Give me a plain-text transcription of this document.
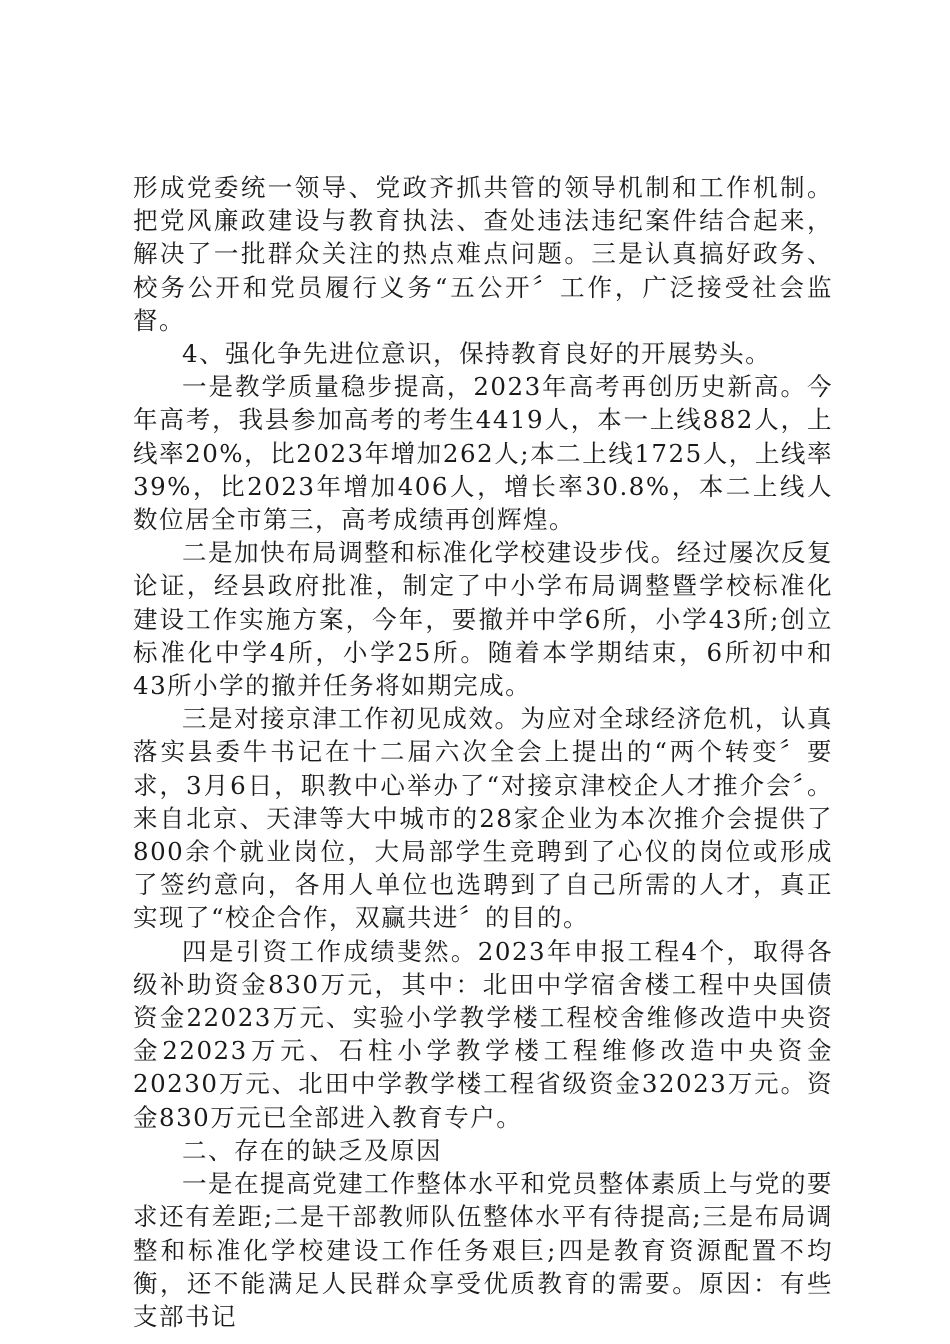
形成党委统一领导、党政齐抓共管的领导机制和工作机制。把党风廉政建设与教育执法、查处违法违纪案件结合起来，解决了一批群众关注的热点难点问题。三是认真搞好政务、校务公开和党员履行义务“五公开〞工作，广泛接受社会监督。

4、强化争先进位意识，保持教育良好的开展势头。

一是教学质量稳步提高，2023年高考再创历史新高。今年高考，我县参加高考的考生4419人，本一上线882人，上线率20%，比2023年增加262人;本二上线1725人，上线率39%，比2023年增加406人，增长率30.8%，本二上线人数位居全市第三，高考成绩再创辉煌。

二是加快布局调整和标准化学校建设步伐。经过屡次反复论证，经县政府批准，制定了中小学布局调整暨学校标准化建设工作实施方案，今年，要撤并中学6所，小学43所;创立标准化中学4所，小学25所。随着本学期结束，6所初中和43所小学的撤并任务将如期完成。

三是对接京津工作初见成效。为应对全球经济危机，认真落实县委牛书记在十二届六次全会上提出的“两个转变〞要求，3月6日，职教中心举办了“对接京津校企人才推介会〞。来自北京、天津等大中城市的28家企业为本次推介会提供了800余个就业岗位，大局部学生竞聘到了心仪的岗位或形成了签约意向，各用人单位也选聘到了自己所需的人才，真正实现了“校企合作，双赢共进〞的目的。

四是引资工作成绩斐然。2023年申报工程4个，取得各级补助资金830万元，其中：北田中学宿舍楼工程中央国债资金22023万元、实验小学教学楼工程校舍维修改造中央资金22023万元、石柱小学教学楼工程维修改造中央资金20230万元、北田中学教学楼工程省级资金32023万元。资金830万元已全部进入教育专户。

二、存在的缺乏及原因

一是在提高党建工作整体水平和党员整体素质上与党的要求还有差距;二是干部教师队伍整体水平有待提高;三是布局调整和标准化学校建设工作任务艰巨;四是教育资源配置不均衡，还不能满足人民群众享受优质教育的需要。原因：有些支部书记
